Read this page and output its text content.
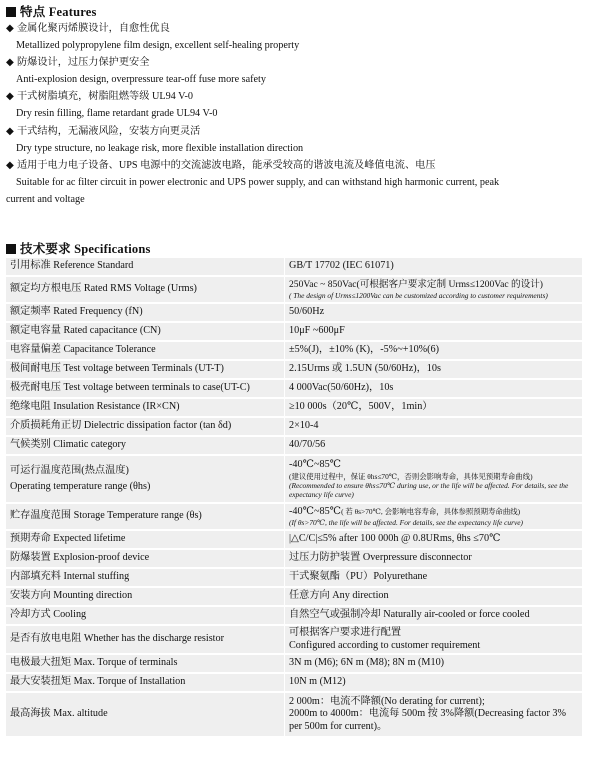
特点 Features
◆ 金属化聚丙烯膜设计，自愈性优良
Metallized polypropylene film design, excellent self-healing property
◆ 防爆设计，过压力保护更安全
Anti-explosion design, overpressure tear-off fuse more safety
◆ 干式树脂填充，树脂阻燃等级 UL94 V-0
Dry resin filling, flame retardant grade UL94 V-0
◆ 干式结构，无漏液风险，安装方向更灵活
Dry type structure, no leakage risk, more flexible installation direction
◆ 适用于电力电子设备、UPS 电源中的交流滤波电路，能承受较高的谐波电流及峰值电流、电压
Suitable for ac filter circuit in power electronic and UPS power supply, and can withstand high harmonic current, peak
current and voltage
技术要求 Specifications
引用标准 Reference Standard	GB/T 17702 (IEC 61071)
额定均方根电压 Rated RMS Voltage (Urms)	250Vac ~ 850Vac(可根据客户要求定制 Urms≤1200Vac 的设计)
( The design of Urms≤1200Vac can be customized according to customer requirements)

额定频率 Rated Frequency (fN)	50/60Hz
额定电容量 Rated capacitance (CN)	10μF ~600μF
电容量偏差 Capacitance Tolerance	±5%(J)，±10% (K)，-5%~+10%(6)
极间耐电压 Test voltage between Terminals (UT-T)	2.15Urms 或 1.5UN (50/60Hz)，10s
极壳耐电压 Test voltage between terminals to case(UT-C)	4 000Vac(50/60Hz)，10s
绝缘电阻 Insulation Resistance (IR×CN)	≥10 000s（20℃，500V，1min）
介质损耗角正切 Dielectric dissipation factor (tan δd)	2×10-4
气候类别 Climatic category	40/70/56

可运行温度范围(热点温度)
Operating temperature range (θhs)	-40℃~85℃
(建议使用过程中，保证 θhs≤70℃，否则会影响寿命，具体见预期寿命曲线)
(Recommended to ensure θhs≤70℃ during use, or the life will be affected. For details, see the expectancy life curve)

贮存温度范围 Storage Temperature range (θs)	-40℃~85℃( 若 θs>70℃, 会影响电容寿命，具体参照预期寿命曲线)
(If θs>70℃, the life will be affected. For details, see the expectancy life curve)

预期寿命 Expected lifetime	|△C/C|≤5% after 100 000h @ 0.8URms, θhs ≤70℃
防爆装置 Explosion-proof device	过压力防护装置 Overpressure disconnector
内部填充料 Internal stuffing	干式聚氨酯（PU）Polyurethane
安装方向 Mounting direction	任意方向 Any direction
冷却方式 Cooling	自然空气或强制冷却 Naturally air-cooled or force cooled
是否有放电电阻 Whether has the discharge resistor	可根据客户要求进行配置
Configured according to customer requirement

电极最大扭矩 Max. Torque of terminals	3N m (M6); 6N m (M8); 8N m (M10)
最大安装扭矩 Max. Torque of Installation	10N m (M12)
最高海拔 Max. altitude	2 000m：电流不降额(No derating for current);
2000m to 4000m：电流每 500m 按 3%降额(Decreasing factor 3% per 500m for current)。
